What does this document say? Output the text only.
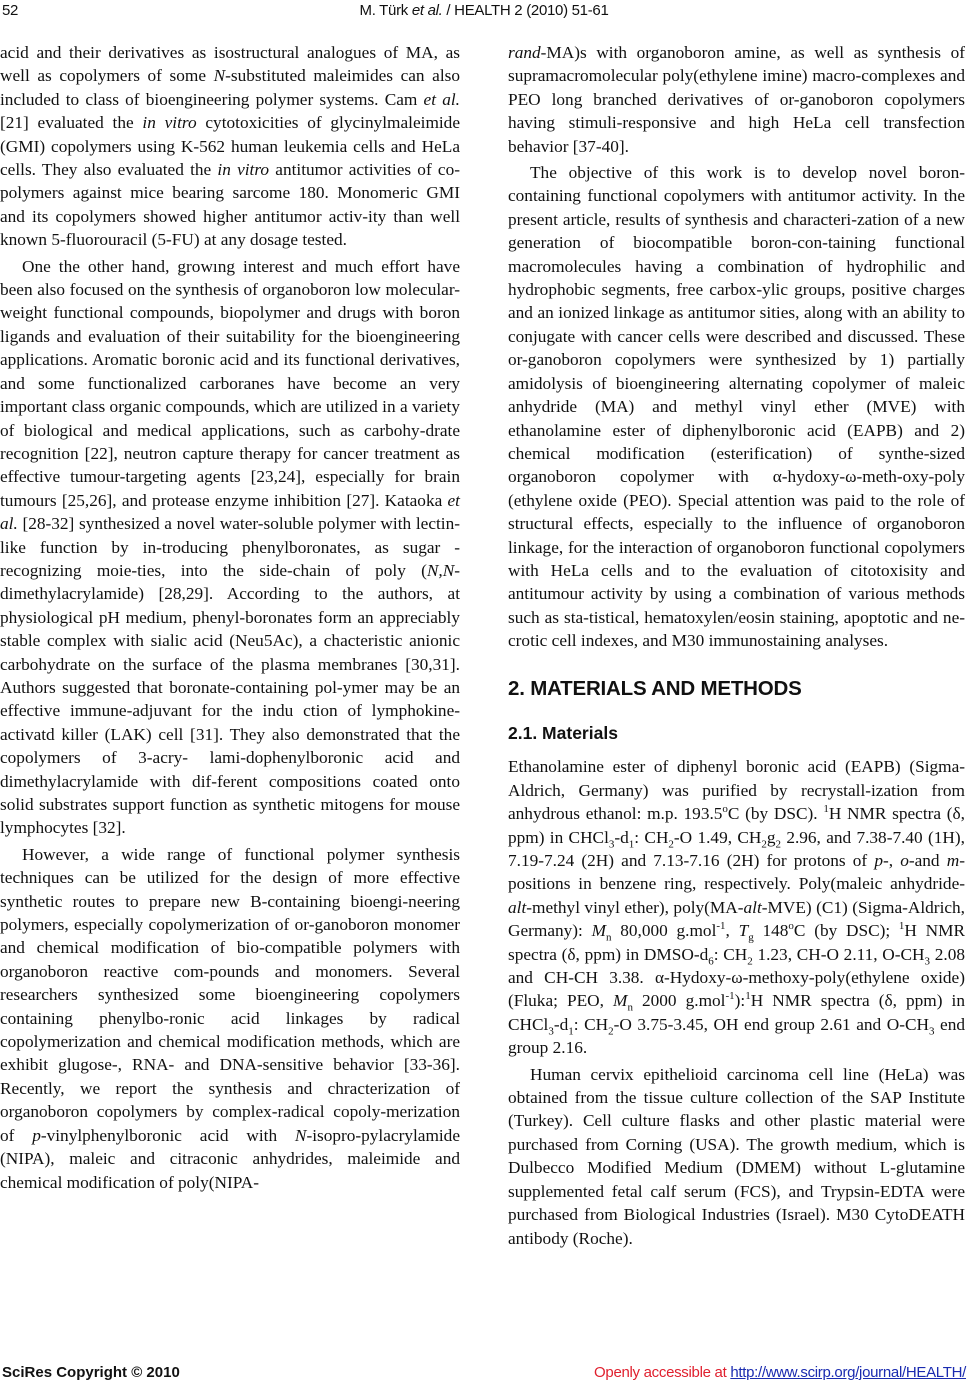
52	M. Türk et al. / HEALTH 2 (2010) 51-61

acid and their derivatives as isostructural analogues of MA, as well as copolymers of some N-substituted maleimides can also included to class of bioengineering polymer systems. Cam et al. [21] evaluated the in vitro cytotoxicities of glycinylmaleimide (GMI) copolymers using K-562 human leukemia cells and HeLa cells. They also evaluated the in vitro antitumor activities of co-polymers against mice bearing sarcome 180. Monomeric GMI and its copolymers showed higher antitumor activ-ity than well known 5-fluorouracil (5-FU) at any dosage tested.

One the other hand, growıng interest and much effort have been also focused on the synthesis of organoboron low molecular-weight functional compounds, biopolymer and drugs with boron ligands and evaluation of their suitability for the bioengineering applications. Aromatic boronic acid and its functional derivatives, and some functionalized carboranes have become an very important class organic compounds, which are utilized in a variety of biological and medical applications, such as carbohy-drate recognition [22], neutron capture therapy for cancer treatment as effective tumour-targeting agents [23,24], especially for brain tumours [25,26], and protease enzyme inhibition [27]. Kataoka et al. [28-32] synthesized a novel water-soluble polymer with lectin-like function by in-troducing phenylboronates, as sugar -recognizing moie-ties, into the side-chain of poly (N,N-dimethylacrylamide) [28,29]. According to the authors, at physiological pH medium, phenyl-boronates form an appreciably stable complex with sialic acid (Neu5Ac), a chacteristic anionic carbohydrate on the surface of the plasma membranes [30,31]. Authors suggested that boronate-containing pol-ymer may be an effective immune-adjuvant for the indu ction of lymphokine-activatd killer (LAK) cell [31]. They also demonstrated that the copolymers of 3-acry- lami-dophenylboronic acid and dimethylacrylamide with dif-ferent compositions coated onto solid substrates support function as synthetic mitogens for mouse lymphocytes [32].

However, a wide range of functional polymer synthesis techniques can be utilized for the design of more effective synthetic routes to prepare new B-containing bioengi-neering polymers, especially copolymerization of or-ganoboron monomer and chemical modification of bio-compatible polymers with organoboron reactive com-pounds and monomers. Several researchers synthesized some bioengineering copolymers containing phenylbo-ronic acid linkages by radical copolymerization and chemical modification methods, which are exhibit glugose-, RNA- and DNA-sensitive behavior [33-36]. Recently, we report the synthesis and chracterization of organoboron copolymers by complex-radical copoly-merization of p-vinylphenylboronic acid with N-isopro-pylacrylamide (NIPA), maleic and citraconic anhydrides, maleimide and chemical modification of poly(NIPA-

rand-MA)s with organoboron amine, as well as synthesis of supramacromolecular poly(ethylene imine) macro-complexes and PEO long branched derivatives of or-ganoboron copolymers having stimuli-responsive and high HeLa cell transfection behavior [37-40].

The objective of this work is to develop novel boron-containing functional copolymers with antitumor activity. In the present article, results of synthesis and characteri-zation of a new generation of biocompatible boron-con-taining functional macromolecules having a combination of hydrophilic and hydrophobic segments, free carbox-ylic groups, positive charges and an ionized linkage as antitumor sities, along with an ability to conjugate with cancer cells were described and discussed. These or-ganoboron copolymers were synthesized by 1) partially amidolysis of bioengineering alternating copolymer of maleic anhydride (MA) and methyl vinyl ether (MVE) with ethanolamine ester of diphenylboronic acid (EAPB) and 2) chemical modification (esterification) of synthe-sized organoboron copolymer with α-hydoxy-ω-meth-oxy-poly (ethylene oxide (PEO). Special attention was paid to the role of structural effects, especially to the influence of organoboron linkage, for the interaction of organoboron functional copolymers with HeLa cells and to the evaluation of citotoxisity and antitumour activity by using a combination of various methods such as sta-tistical, hematoxylen/eosin staining, apoptotic and ne-crotic cell indexes, and M30 immunostaining analyses.

2. MATERIALS AND METHODS
2.1. Materials

Ethanolamine ester of diphenyl boronic acid (EAPB) (Sigma-Aldrich, Germany) was purified by recrystall-ization from anhydrous ethanol: m.p. 193.5$^o$C (by DSC). $^1$H NMR spectra (δ, ppm) in $CHCl_3-d_1$: $CH_2-O$ 1.49, $CH_2g_2$ 2.96, and 7.38-7.40 (1H), 7.19-7.24 (2H) and 7.13-7.16 (2H) for protons of p-, o-and m-positions in benzene ring, respectively. Poly(maleic anhydride-alt-methyl vinyl ether), poly(MA-alt-MVE) (C1) (Sigma-Aldrich, Germany): $M_n$ 80,000 g.mol$^{-1}$, $T_g$ 148$^o$C (by DSC); $^1$H NMR spectra (δ, ppm) in DMSO-$d_6$: $CH_2$ 1.23, CH-O 2.11, $O-CH_3$ 2.08 and CH-CH 3.38. α-Hydoxy-ω-methoxy-poly(ethylene oxide) (Fluka; PEO, $M_n$ 2000 g.mol$^{-1}$):$^1$H NMR spectra (δ, ppm) in $CHCl_3-d_1$: $CH_2-O$ 3.75-3.45, OH end group 2.61 and $O-CH_3$ end group 2.16.

Human cervix epithelioid carcinoma cell line (HeLa) was obtained from the tissue culture collection of the SAP Institute (Turkey). Cell culture flasks and other plastic material were purchased from Corning (USA). The growth medium, which is Dulbecco Modified Medium (DMEM) without L-glutamine supplemented fetal calf serum (FCS), and Trypsin-EDTA were purchased from Biological Industries (Israel). M30 CytoDEATH antibody (Roche).

SciRes Copyright © 2010	Openly accessible at http://www.scirp.org/journal/HEALTH/
